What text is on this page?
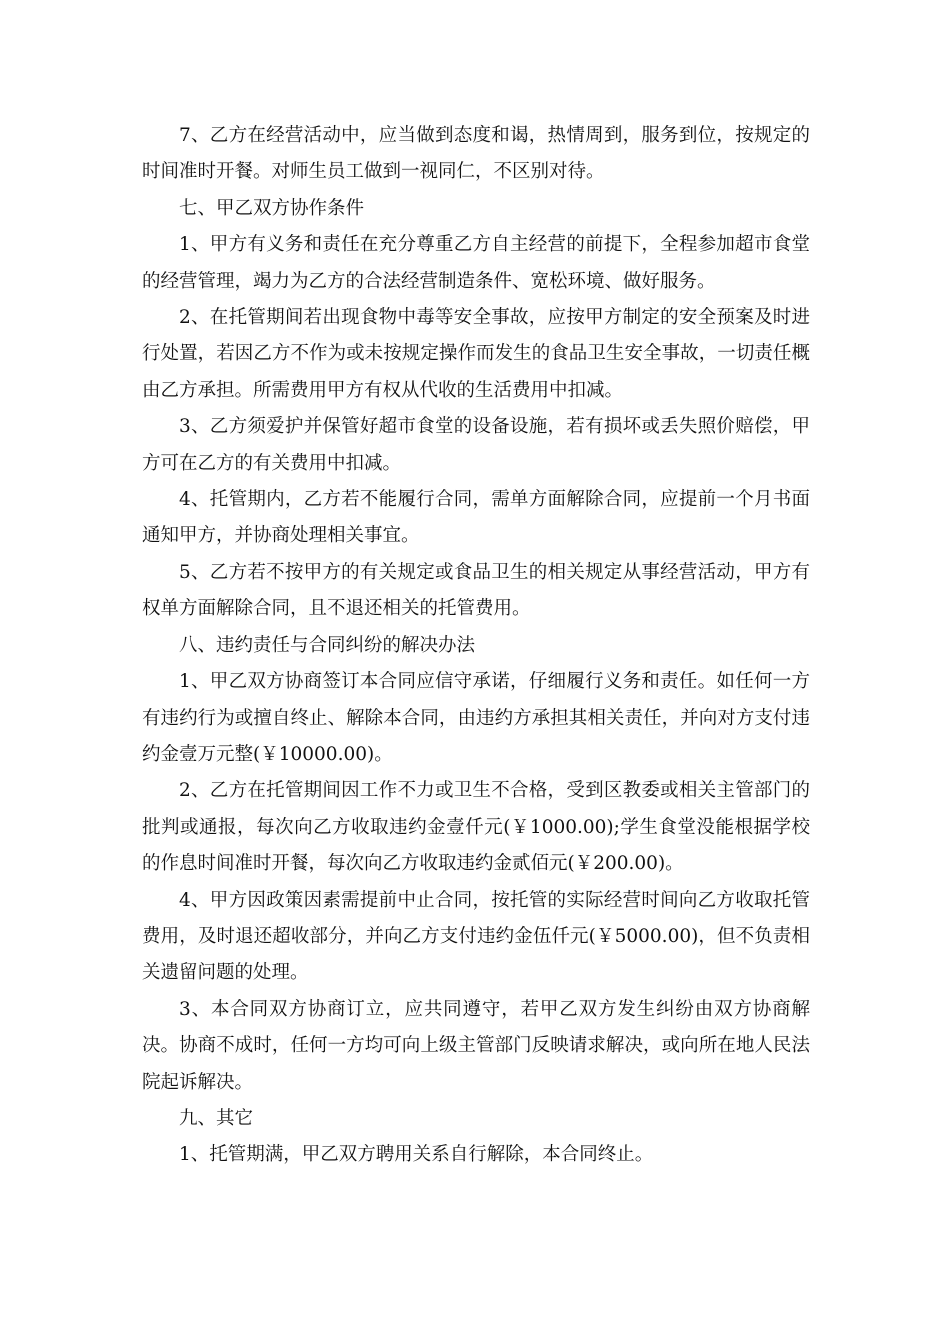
7、乙方在经营活动中，应当做到态度和谒，热情周到，服务到位，按规定的时间准时开餐。对师生员工做到一视同仁，不区别对待。

七、甲乙双方协作条件

1、甲方有义务和责任在充分尊重乙方自主经营的前提下，全程参加超市食堂的经营管理，竭力为乙方的合法经营制造条件、宽松环境、做好服务。

2、在托管期间若出现食物中毒等安全事故，应按甲方制定的安全预案及时进行处置，若因乙方不作为或未按规定操作而发生的食品卫生安全事故，一切责任概由乙方承担。所需费用甲方有权从代收的生活费用中扣减。

3、乙方须爱护并保管好超市食堂的设备设施，若有损坏或丢失照价赔偿，甲方可在乙方的有关费用中扣减。

4、托管期内，乙方若不能履行合同，需单方面解除合同，应提前一个月书面通知甲方，并协商处理相关事宜。

5、乙方若不按甲方的有关规定或食品卫生的相关规定从事经营活动，甲方有权单方面解除合同，且不退还相关的托管费用。

八、违约责任与合同纠纷的解决办法

1、甲乙双方协商签订本合同应信守承诺，仔细履行义务和责任。如任何一方有违约行为或擅自终止、解除本合同，由违约方承担其相关责任，并向对方支付违约金壹万元整(￥10000.00)。

2、乙方在托管期间因工作不力或卫生不合格，受到区教委或相关主管部门的批判或通报，每次向乙方收取违约金壹仟元(￥1000.00);学生食堂没能根据学校的作息时间准时开餐，每次向乙方收取违约金贰佰元(￥200.00)。

4、甲方因政策因素需提前中止合同，按托管的实际经营时间向乙方收取托管费用，及时退还超收部分，并向乙方支付违约金伍仟元(￥5000.00)，但不负责相关遗留问题的处理。

3、本合同双方协商订立，应共同遵守，若甲乙双方发生纠纷由双方协商解决。协商不成时，任何一方均可向上级主管部门反映请求解决，或向所在地人民法院起诉解决。

九、其它

1、托管期满，甲乙双方聘用关系自行解除，本合同终止。
